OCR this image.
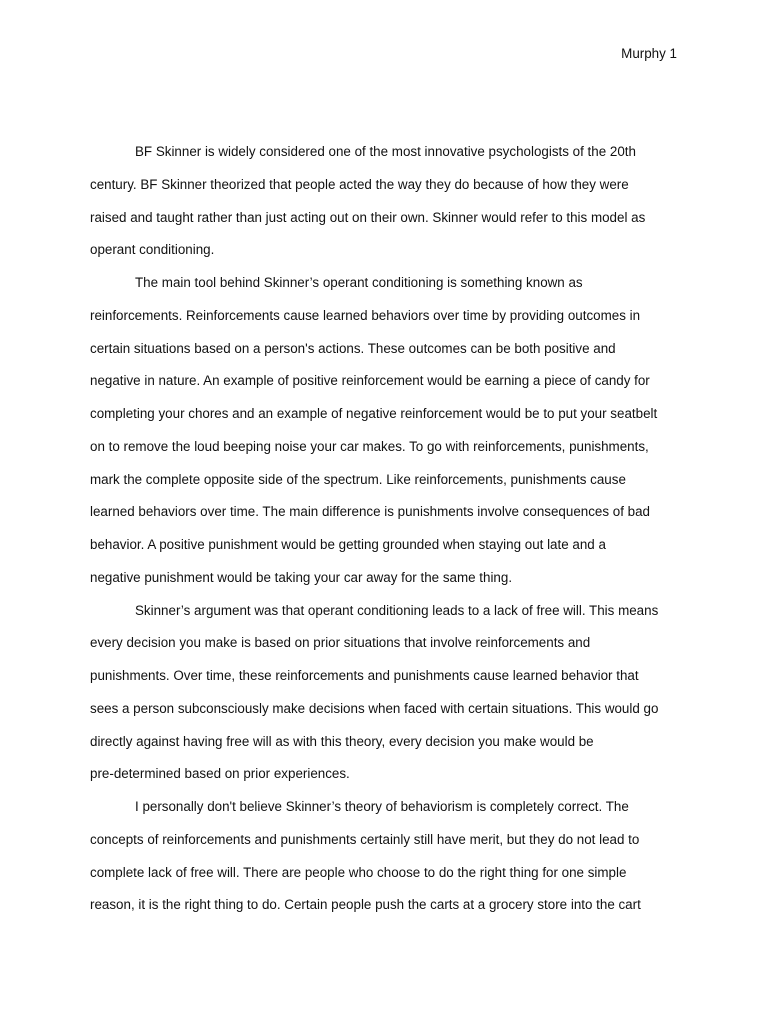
Murphy 1
BF Skinner is widely considered one of the most innovative psychologists of the 20th
century. BF Skinner theorized that people acted the way they do because of how they were
raised and taught rather than just acting out on their own. Skinner would refer to this model as
operant conditioning.
The main tool behind Skinner’s operant conditioning is something known as
reinforcements. Reinforcements cause learned behaviors over time by providing outcomes in
certain situations based on a person's actions. These outcomes can be both positive and
negative in nature. An example of positive reinforcement would be earning a piece of candy for
completing your chores and an example of negative reinforcement would be to put your seatbelt
on to remove the loud beeping noise your car makes. To go with reinforcements, punishments,
mark the complete opposite side of the spectrum. Like reinforcements, punishments cause
learned behaviors over time. The main difference is punishments involve consequences of bad
behavior. A positive punishment would be getting grounded when staying out late and a
negative punishment would be taking your car away for the same thing.
Skinner’s argument was that operant conditioning leads to a lack of free will. This means
every decision you make is based on prior situations that involve reinforcements and
punishments. Over time, these reinforcements and punishments cause learned behavior that
sees a person subconsciously make decisions when faced with certain situations. This would go
directly against having free will as with this theory, every decision you make would be
pre-determined based on prior experiences.
I personally don't believe Skinner’s theory of behaviorism is completely correct. The
concepts of reinforcements and punishments certainly still have merit, but they do not lead to
complete lack of free will. There are people who choose to do the right thing for one simple
reason, it is the right thing to do. Certain people push the carts at a grocery store into the cart
